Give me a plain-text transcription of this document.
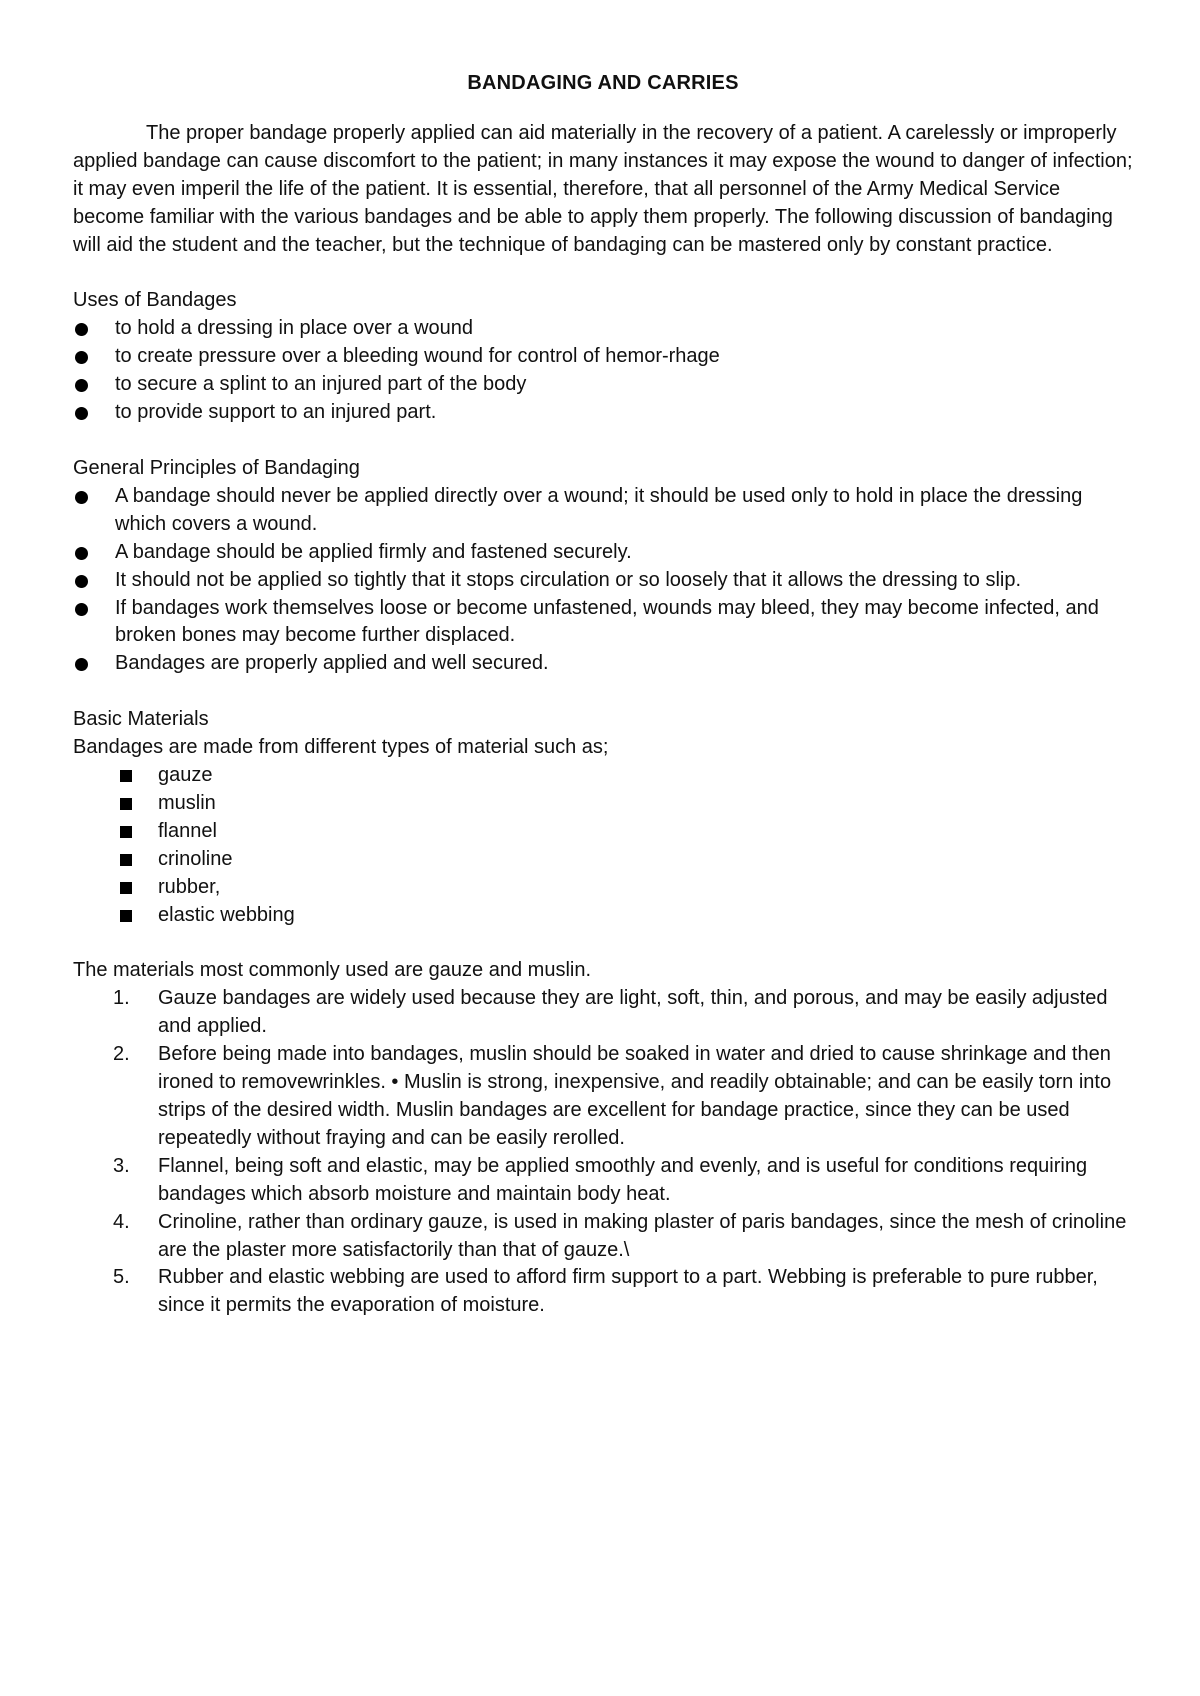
BANDAGING AND CARRIES

The proper bandage properly applied can aid materially in the recovery of a patient. A carelessly or improperly applied bandage can cause discomfort to the patient; in many instances it may expose the wound to danger of infection; it may even imperil the life of the patient. It is essential, therefore, that all personnel of the Army Medical Service become familiar with the various bandages and be able to apply them properly. The following discussion of bandaging will aid the student and the teacher, but the technique of bandaging can be mastered only by constant practice.

Uses of Bandages
to hold a dressing in place over a wound
to create pressure over a bleeding wound for control of hemor-rhage
to secure a splint to an injured part of the body
to provide support to an injured part.
General Principles of Bandaging
A bandage should never be applied directly over a wound; it should be used only to hold in place the dressing which covers a wound.
A bandage should be applied firmly and fastened securely.
It should not be applied so tightly that it stops circulation or so loosely that it allows the dressing to slip.
If bandages work themselves loose or become unfastened, wounds may bleed, they may become infected, and broken bones may become further displaced.
Bandages are properly applied and well secured.
Basic Materials
Bandages are made from different types of material such as;
gauze
muslin
flannel
crinoline
rubber,
elastic webbing
The materials most commonly used are gauze and muslin.
1. Gauze bandages are widely used because they are light, soft, thin, and porous, and may be easily adjusted and applied.
2. Before being made into bandages, muslin should be soaked in water and dried to cause shrinkage and then ironed to removewrinkles. • Muslin is strong, inexpensive, and readily obtainable; and can be easily torn into strips of the desired width. Muslin bandages are excellent for bandage practice, since they can be used repeatedly without fraying and can be easily rerolled.
3. Flannel, being soft and elastic, may be applied smoothly and evenly, and is useful for conditions requiring bandages which absorb moisture and maintain body heat.
4. Crinoline, rather than ordinary gauze, is used in making plaster of paris bandages, since the mesh of crinoline are the plaster more satisfactorily than that of gauze.\
5. Rubber and elastic webbing are used to afford firm support to a part. Webbing is preferable to pure rubber, since it permits the evaporation of moisture.
